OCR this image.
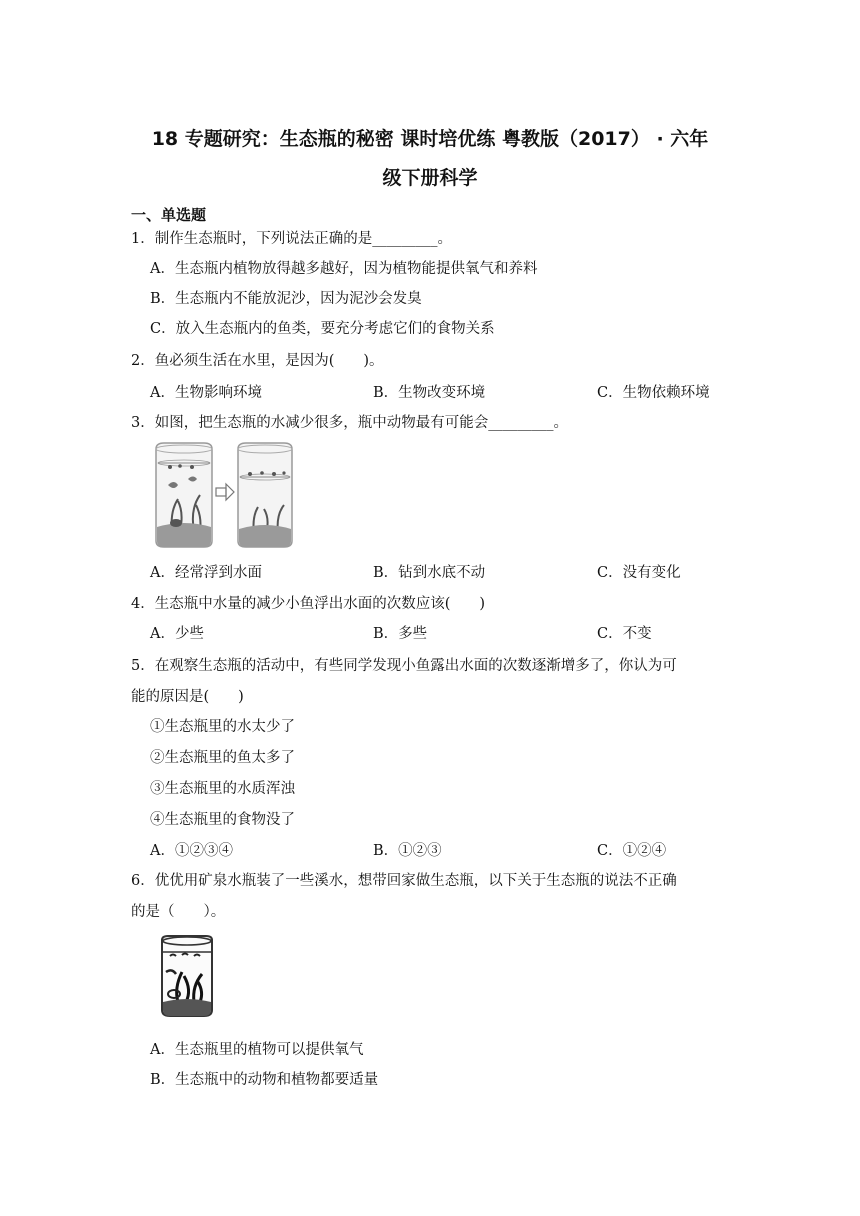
18 专题研究：生态瓶的秘密 课时培优练 粤教版（2017） · 六年
级下册科学
一、单选题
1．制作生态瓶时，下列说法正确的是_________。
A．生态瓶内植物放得越多越好，因为植物能提供氧气和养料
B．生态瓶内不能放泥沙，因为泥沙会发臭
C．放入生态瓶内的鱼类，要充分考虑它们的食物关系
2．鱼必须生活在水里，是因为(　　)。
A．生物影响环境	B．生物改变环境	C．生物依赖环境
3．如图，把生态瓶的水减少很多，瓶中动物最有可能会_________。
A．经常浮到水面	B．钻到水底不动	C．没有变化
4．生态瓶中水量的减少小鱼浮出水面的次数应该(　　)
A．少些	B．多些	C．不变
5．在观察生态瓶的活动中，有些同学发现小鱼露出水面的次数逐渐增多了，你认为可
能的原因是(　　)
①生态瓶里的水太少了
②生态瓶里的鱼太多了
③生态瓶里的水质浑浊
④生态瓶里的食物没了
A．①②③④	B．①②③	C．①②④
6．优优用矿泉水瓶装了一些溪水，想带回家做生态瓶，以下关于生态瓶的说法不正确
的是（　　）。
A．生态瓶里的植物可以提供氧气
B．生态瓶中的动物和植物都要适量
